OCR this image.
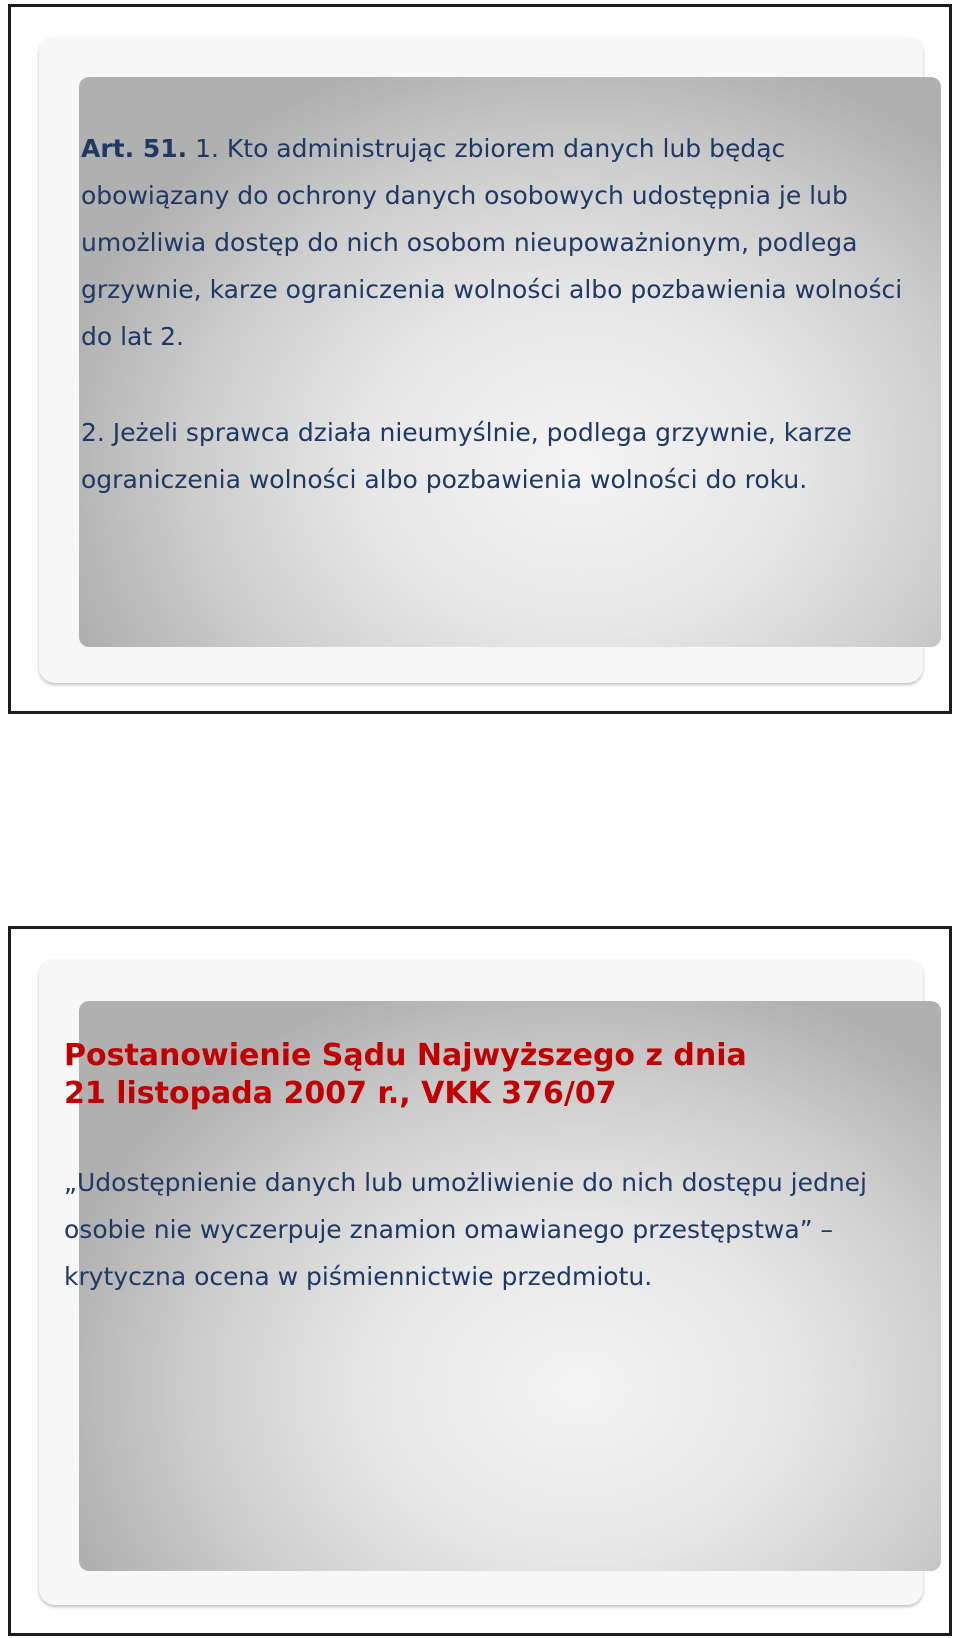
Art. 51. 1. Kto administrując zbiorem danych lub będąc obowiązany do ochrony danych osobowych udostępnia je lub umożliwia dostęp do nich osobom nieupoważnionym, podlega grzywnie, karze ograniczenia wolności albo pozbawienia wolności do lat 2.
2. Jeżeli sprawca działa nieumyślnie, podlega grzywnie, karze ograniczenia wolności albo pozbawienia wolności do roku.
Postanowienie Sądu Najwyższego z dnia
21 listopada 2007 r., VKK 376/07
„Udostępnienie danych lub umożliwienie do nich dostępu jednej osobie nie wyczerpuje znamion omawianego przestępstwa” – krytyczna ocena w piśmiennictwie przedmiotu.
